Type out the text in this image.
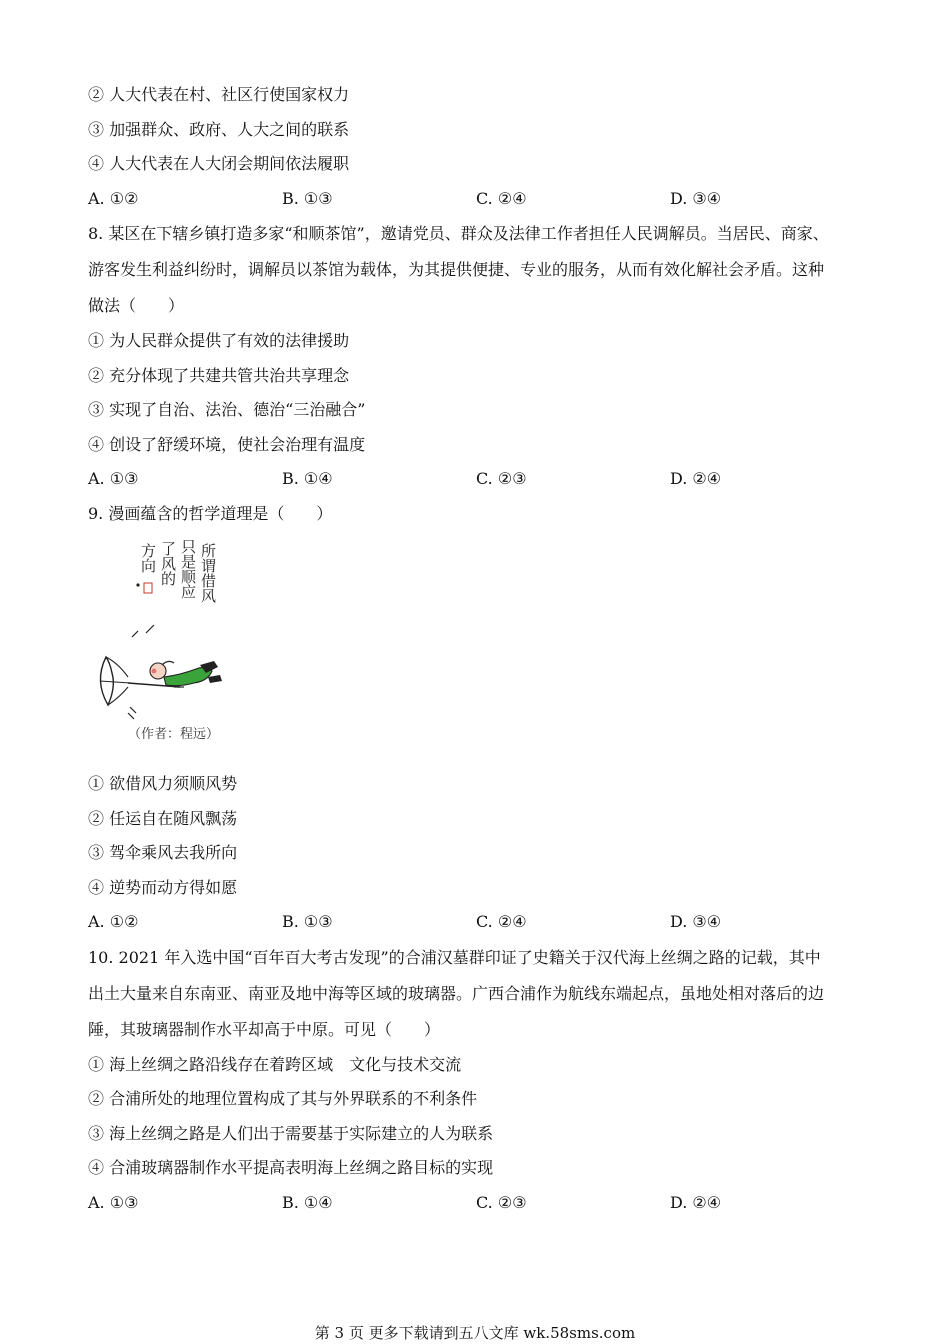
② 人大代表在村、社区行使国家权力
③ 加强群众、政府、人大之间的联系
④ 人大代表在人大闭会期间依法履职
A. ①②	B. ①③	C. ②④	D. ③④
8. 某区在下辖乡镇打造多家“和顺茶馆”，邀请党员、群众及法律工作者担任人民调解员。当居民、商家、
游客发生利益纠纷时，调解员以茶馆为载体，为其提供便捷、专业的服务，从而有效化解社会矛盾。这种
做法（　　）
① 为人民群众提供了有效的法律援助
② 充分体现了共建共管共治共享理念
③ 实现了自治、法治、德治“三治融合”
④ 创设了舒缓环境，使社会治理有温度
A. ①③	B. ①④	C. ②③	D. ②④
9. 漫画蕴含的哲学道理是（　　）
所谓借风
只是顺应
了风的
方向
（作者：程远）
① 欲借风力须顺风势
② 任运自在随风飘荡
③ 驾伞乘风去我所向
④ 逆势而动方得如愿
A. ①②	B. ①③	C. ②④	D. ③④
10. 2021 年入选中国“百年百大考古发现”的合浦汉墓群印证了史籍关于汉代海上丝绸之路的记载，其中
出土大量来自东南亚、南亚及地中海等区域的玻璃器。广西合浦作为航线东端起点，虽地处相对落后的边
陲，其玻璃器制作水平却高于中原。可见（　　）
① 海上丝绸之路沿线存在着跨区域　文化与技术交流
② 合浦所处的地理位置构成了其与外界联系的不利条件
③ 海上丝绸之路是人们出于需要基于实际建立的人为联系
④ 合浦玻璃器制作水平提高表明海上丝绸之路目标的实现
A. ①③	B. ①④	C. ②③	D. ②④
第 3 页 更多下载请到五八文库 wk.58sms.com
